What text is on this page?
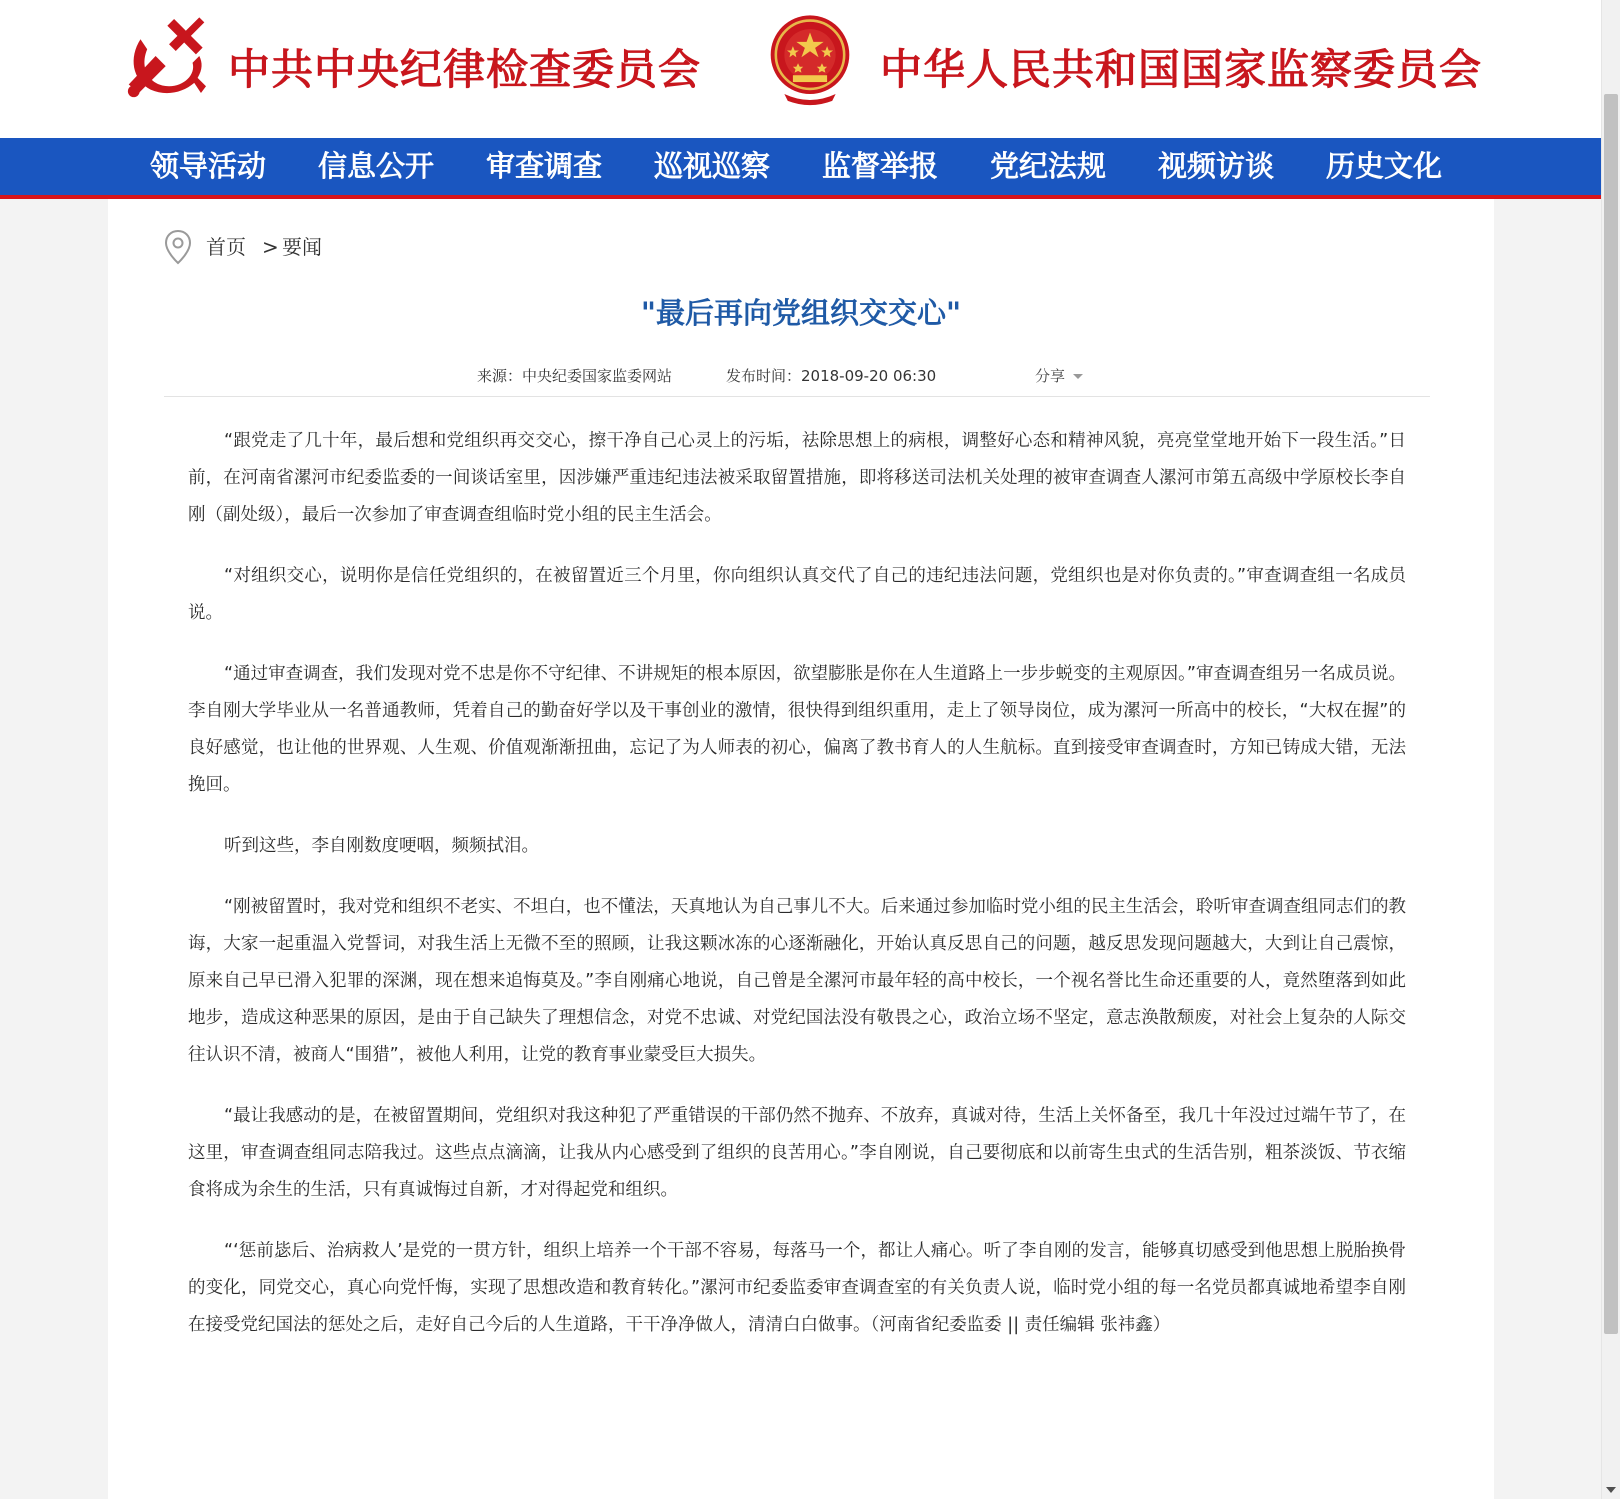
中共中央纪律检查委员会	中华人民共和国国家监察委员会
领导活动	信息公开	审查调查	巡视巡察	监督举报	党纪法规	视频访谈	历史文化
首页 > 要闻
"最后再向党组织交交心"
来源：中央纪委国家监委网站	发布时间：2018-09-20 06:30	分享

“跟党走了几十年，最后想和党组织再交交心，擦干净自己心灵上的污垢，祛除思想上的病根，调整好心态和精神风貌，亮亮堂堂地开始下一段生活。”日前，在河南省漯河市纪委监委的一间谈话室里，因涉嫌严重违纪违法被采取留置措施，即将移送司法机关处理的被审查调查人漯河市第五高级中学原校长李自刚（副处级），最后一次参加了审查调查组临时党小组的民主生活会。

“对组织交心，说明你是信任党组织的，在被留置近三个月里，你向组织认真交代了自己的违纪违法问题，党组织也是对你负责的。”审查调查组一名成员说。

“通过审查调查，我们发现对党不忠是你不守纪律、不讲规矩的根本原因，欲望膨胀是你在人生道路上一步步蜕变的主观原因。”审查调查组另一名成员说。李自刚大学毕业从一名普通教师，凭着自己的勤奋好学以及干事创业的激情，很快得到组织重用，走上了领导岗位，成为漯河一所高中的校长，“大权在握”的良好感觉，也让他的世界观、人生观、价值观渐渐扭曲，忘记了为人师表的初心，偏离了教书育人的人生航标。直到接受审查调查时，方知已铸成大错，无法挽回。

听到这些，李自刚数度哽咽，频频拭泪。

“刚被留置时，我对党和组织不老实、不坦白，也不懂法，天真地认为自己事儿不大。后来通过参加临时党小组的民主生活会，聆听审查调查组同志们的教诲，大家一起重温入党誓词，对我生活上无微不至的照顾，让我这颗冰冻的心逐渐融化，开始认真反思自己的问题，越反思发现问题越大，大到让自己震惊，原来自己早已滑入犯罪的深渊，现在想来追悔莫及。”李自刚痛心地说，自己曾是全漯河市最年轻的高中校长，一个视名誉比生命还重要的人，竟然堕落到如此地步，造成这种恶果的原因，是由于自己缺失了理想信念，对党不忠诚、对党纪国法没有敬畏之心，政治立场不坚定，意志涣散颓废，对社会上复杂的人际交往认识不清，被商人“围猎”，被他人利用，让党的教育事业蒙受巨大损失。

“最让我感动的是，在被留置期间，党组织对我这种犯了严重错误的干部仍然不抛弃、不放弃，真诚对待，生活上关怀备至，我几十年没过过端午节了，在这里，审查调查组同志陪我过。这些点点滴滴，让我从内心感受到了组织的良苦用心。”李自刚说，自己要彻底和以前寄生虫式的生活告别，粗茶淡饭、节衣缩食将成为余生的生活，只有真诚悔过自新，才对得起党和组织。

“‘惩前毖后、治病救人’是党的一贯方针，组织上培养一个干部不容易，每落马一个，都让人痛心。听了李自刚的发言，能够真切感受到他思想上脱胎换骨的变化，同党交心，真心向党忏悔，实现了思想改造和教育转化。”漯河市纪委监委审查调查室的有关负责人说，临时党小组的每一名党员都真诚地希望李自刚在接受党纪国法的惩处之后，走好自己今后的人生道路，干干净净做人，清清白白做事。（河南省纪委监委 || 责任编辑 张祎鑫）
